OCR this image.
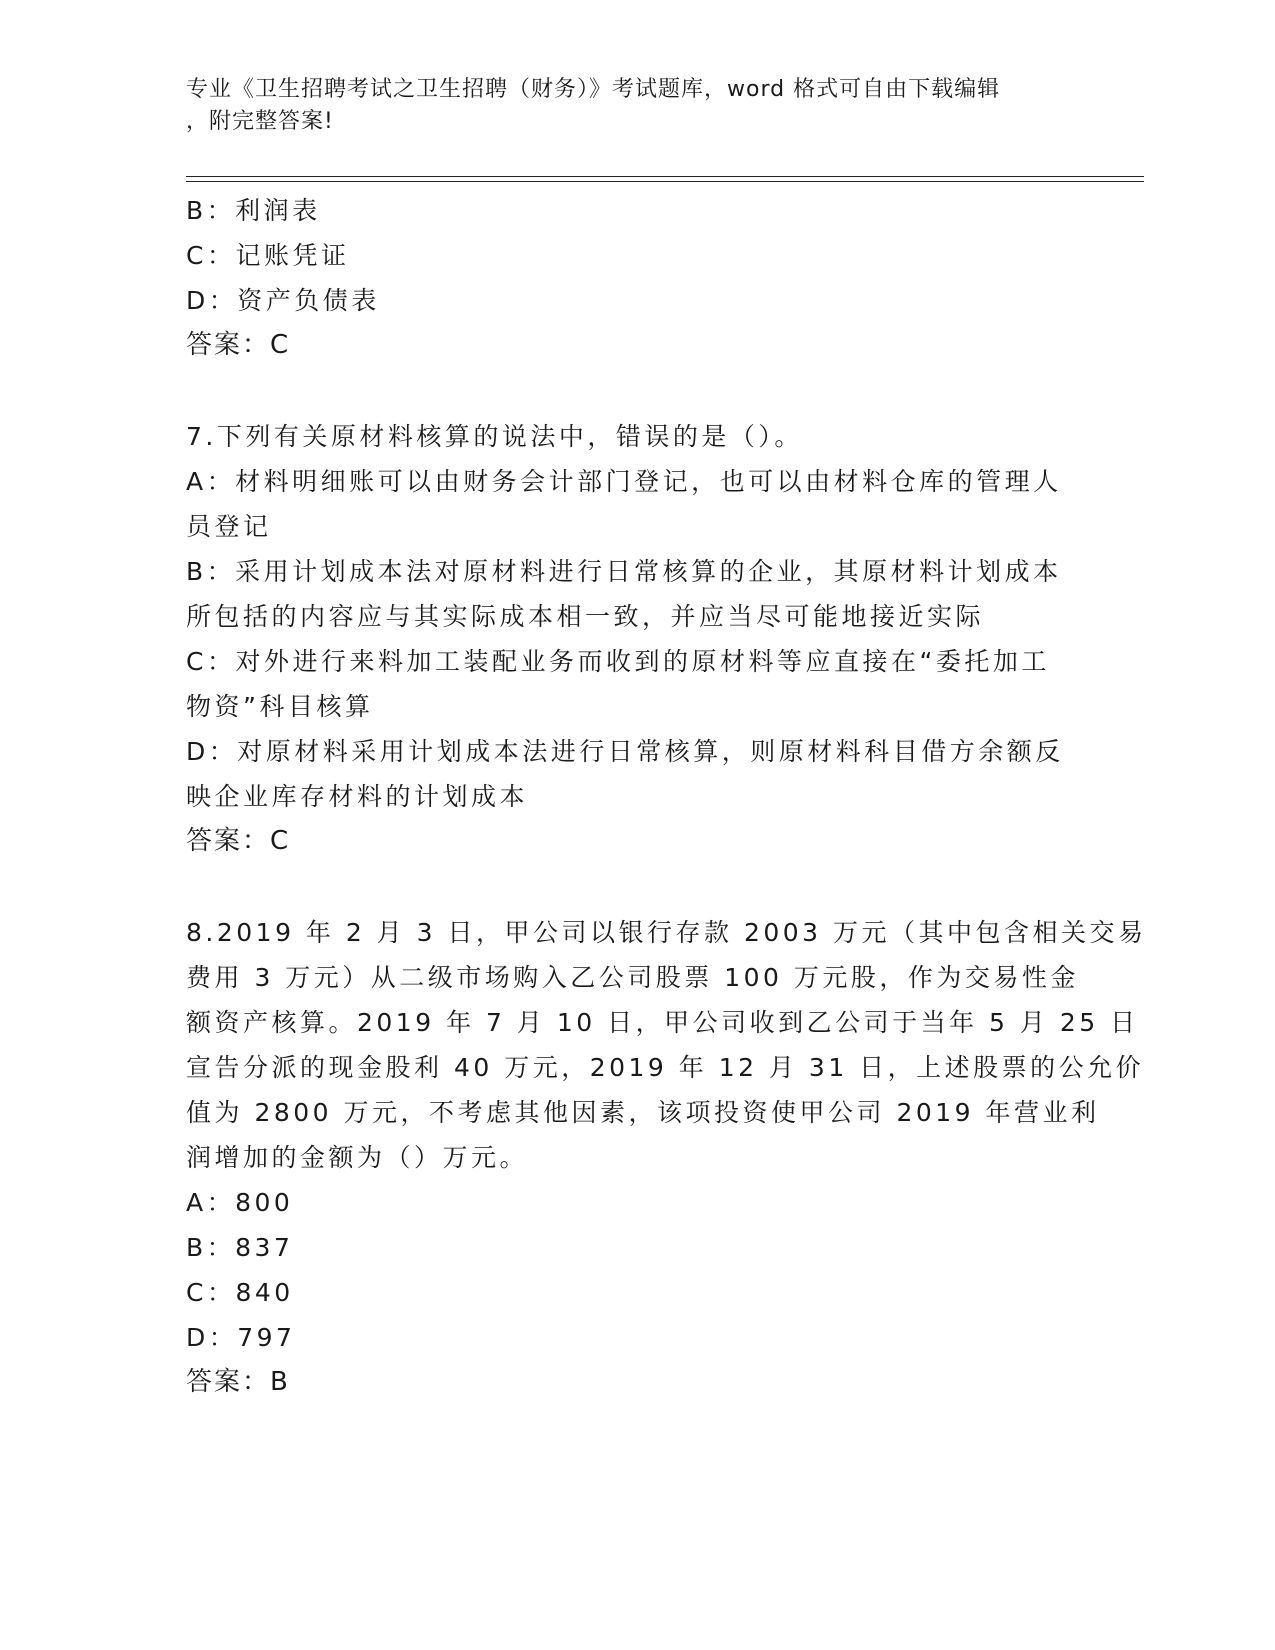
专业《卫生招聘考试之卫生招聘（财务）》考试题库，word 格式可自由下载编辑
，附完整答案!
B：利润表
C：记账凭证
D：资产负债表
答案：C
7.下列有关原材料核算的说法中，错误的是（）。
A：材料明细账可以由财务会计部门登记，也可以由材料仓库的管理人
员登记
B：采用计划成本法对原材料进行日常核算的企业，其原材料计划成本
所包括的内容应与其实际成本相一致，并应当尽可能地接近实际
C：对外进行来料加工装配业务而收到的原材料等应直接在“委托加工
物资”科目核算
D：对原材料采用计划成本法进行日常核算，则原材料科目借方余额反
映企业库存材料的计划成本
答案：C
8.2019 年 2 月 3 日，甲公司以银行存款 2003 万元（其中包含相关交易
费用 3 万元）从二级市场购入乙公司股票 100 万元股，作为交易性金
额资产核算。2019 年 7 月 10 日，甲公司收到乙公司于当年 5 月 25 日
宣告分派的现金股利 40 万元，2019 年 12 月 31 日，上述股票的公允价
值为 2800 万元，不考虑其他因素，该项投资使甲公司 2019 年营业利
润增加的金额为（）万元。
A：800
B：837
C：840
D：797
答案：B
